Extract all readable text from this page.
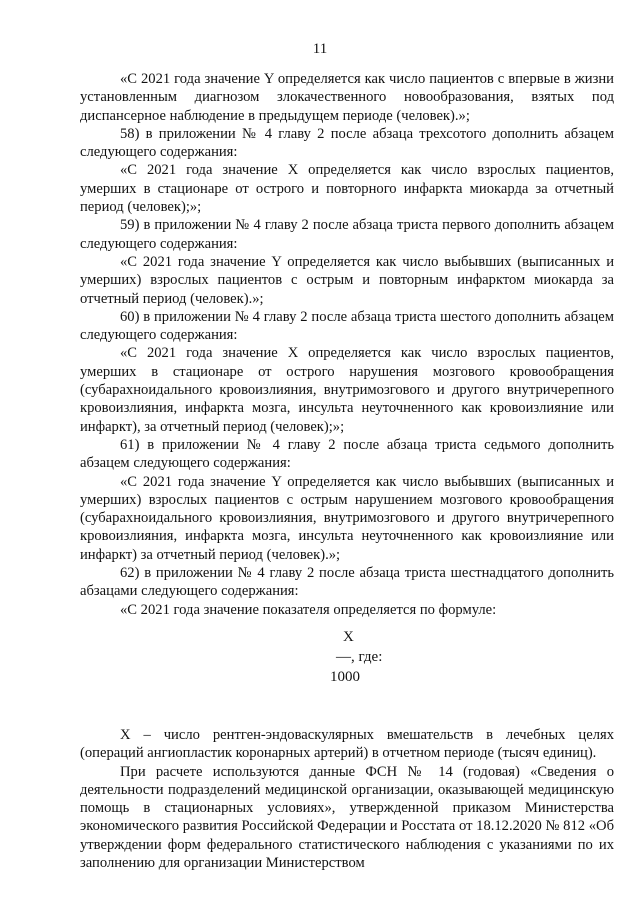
11

«С 2021 года значение Y определяется как число пациентов с впервые в жизни установленным диагнозом злокачественного новообразования, взятых под диспансерное наблюдение в предыдущем периоде (человек).»;

58) в приложении № 4 главу 2 после абзаца трехсотого дополнить абзацем следующего содержания:

«С 2021 года значение X определяется как число взрослых пациентов, умерших в стационаре от острого и повторного инфаркта миокарда за отчетный период (человек);»;

59) в приложении № 4 главу 2 после абзаца триста первого дополнить абзацем следующего содержания:

«С 2021 года значение Y определяется как число выбывших (выписанных и умерших) взрослых пациентов с острым и повторным инфарктом миокарда за отчетный период (человек).»;

60) в приложении № 4 главу 2 после абзаца триста шестого дополнить абзацем следующего содержания:

«С 2021 года значение X определяется как число взрослых пациентов, умерших в стационаре от острого нарушения мозгового кровообращения (субарахноидального кровоизлияния, внутримозгового и другого внутричерепного кровоизлияния, инфаркта мозга, инсульта неуточненного как кровоизлияние или инфаркт), за отчетный период (человек);»;

61) в приложении № 4 главу 2 после абзаца триста седьмого дополнить абзацем следующего содержания:

«С 2021 года значение Y определяется как число выбывших (выписанных и умерших) взрослых пациентов с острым нарушением мозгового кровообращения (субарахноидального кровоизлияния, внутримозгового и другого внутричерепного кровоизлияния, инфаркта мозга, инсульта неуточненного как кровоизлияние или инфаркт) за отчетный период (человек).»;

62) в приложении № 4 главу 2 после абзаца триста шестнадцатого дополнить абзацами следующего содержания:

«С 2021 года значение показателя определяется по формуле:

X
—, где:
1000

X – число рентген-эндоваскулярных вмешательств в лечебных целях (операций ангиопластик коронарных артерий) в отчетном периоде (тысяч единиц).

При расчете используются данные ФСН № 14 (годовая) «Сведения о деятельности подразделений медицинской организации, оказывающей медицинскую помощь в стационарных условиях», утвержденной приказом Министерства экономического развития Российской Федерации и Росстата от 18.12.2020 № 812 «Об утверждении форм федерального статистического наблюдения с указаниями по их заполнению для организации Министерством
